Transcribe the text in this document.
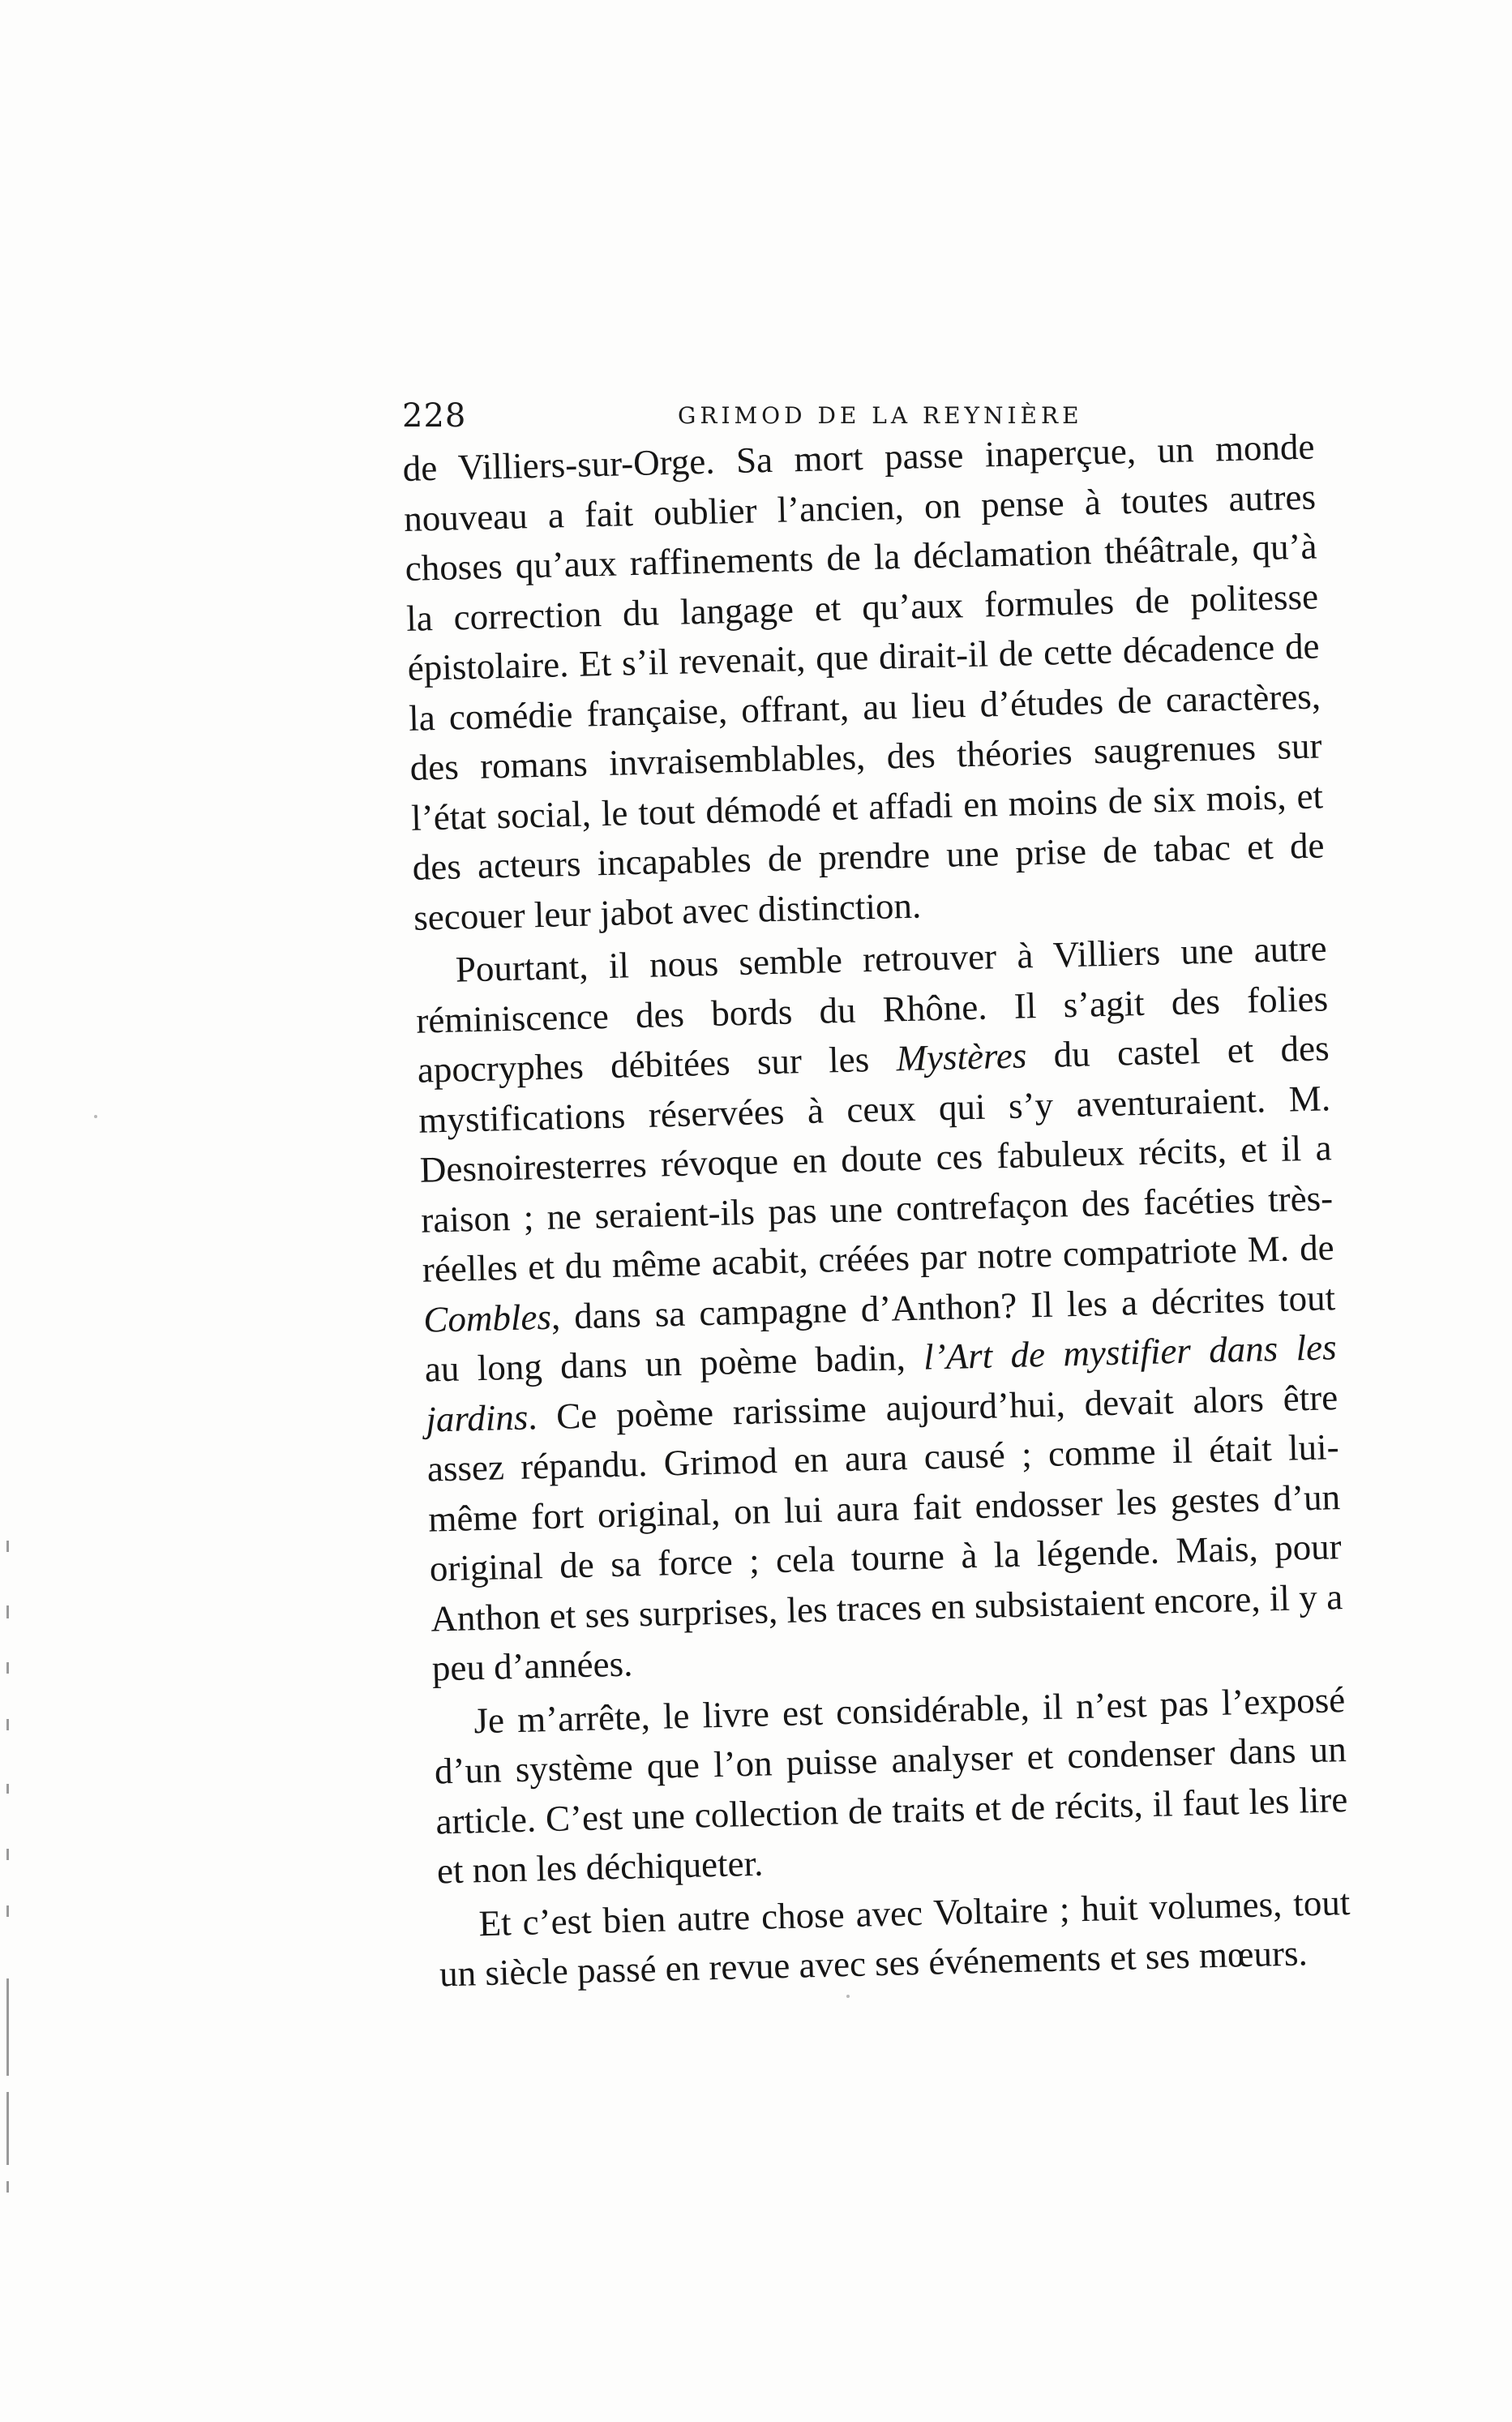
228	GRIMOD DE LA REYNIÈRE

de Villiers-sur-Orge. Sa mort passe inaperçue, un monde nouveau a fait oublier l’ancien, on pense à toutes autres choses qu’aux raffinements de la déclamation théâtrale, qu’à la correction du langage et qu’aux formules de politesse épistolaire. Et s’il revenait, que dirait-il de cette décadence de la comédie française, offrant, au lieu d’études de caractères, des romans invraisemblables, des théories saugrenues sur l’état social, le tout démodé et affadi en moins de six mois, et des acteurs incapables de prendre une prise de tabac et de secouer leur jabot avec distinction.

Pourtant, il nous semble retrouver à Villiers une autre réminiscence des bords du Rhône. Il s’agit des folies apocryphes débitées sur les Mystères du castel et des mystifications réservées à ceux qui s’y aventuraient. M. Desnoiresterres révoque en doute ces fabuleux récits, et il a raison ; ne seraient-ils pas une contrefaçon des facéties très-réelles et du même acabit, créées par notre compatriote M. de Combles, dans sa campagne d’Anthon? Il les a décrites tout au long dans un poème badin, l’Art de mystifier dans les jardins. Ce poème rarissime aujourd’hui, devait alors être assez répandu. Grimod en aura causé ; comme il était lui-même fort original, on lui aura fait endosser les gestes d’un original de sa force ; cela tourne à la légende. Mais, pour Anthon et ses surprises, les traces en subsistaient encore, il y a peu d’années.

Je m’arrête, le livre est considérable, il n’est pas l’exposé d’un système que l’on puisse analyser et condenser dans un article. C’est une collection de traits et de récits, il faut les lire et non les déchiqueter.

Et c’est bien autre chose avec Voltaire ; huit volumes, tout un siècle passé en revue avec ses événements et ses mœurs.
